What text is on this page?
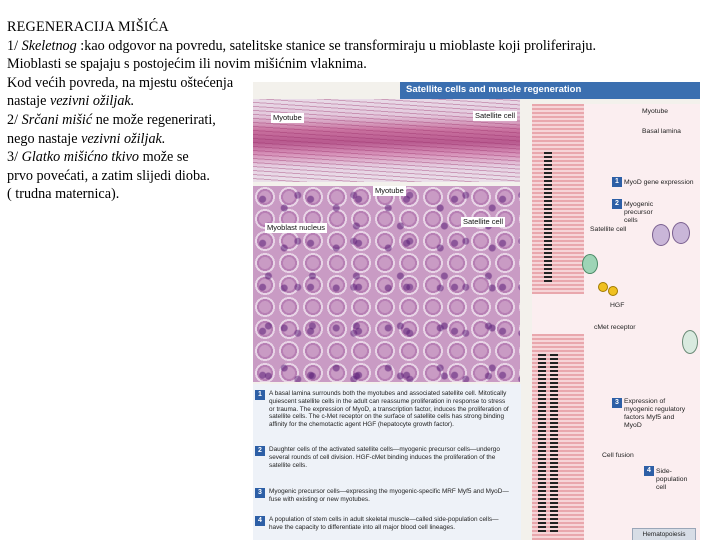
REGENERACIJA MIŠIĆA

1/ Skeletnog :kao odgovor na povredu, satelitske stanice se transformiraju u mioblaste koji proliferiraju.

Mioblasti se spajaju s postojećim ili novim mišićnim vlaknima.

Kod većih povreda, na mjestu oštećenja

nastaje vezivni ožiljak.

2/ Srčani mišić ne može regenerirati,

nego nastaje vezivni ožiljak.

3/ Glatko mišićno tkivo može se

prvo povećati, a zatim slijedi dioba.

( trudna maternica).

Satellite cells and muscle regeneration
Myotube	Satellite cell
Myotube
Myoblast nucleus
Satellite cell
1 A basal lamina surrounds both the myotubes and associated satellite cell. Mitotically quiescent satellite cells in the adult can reassume proliferation in response to stress or trauma. The expression of MyoD, a transcription factor, induces the proliferation of satellite cells. The c-Met receptor on the surface of satellite cells has strong binding affinity for the chemotactic agent HGF (hepatocyte growth factor).
2 Daughter cells of the activated satellite cells—myogenic precursor cells—undergo several rounds of cell division. HGF-cMet binding induces the proliferation of the satellite cells.
3 Myogenic precursor cells—expressing the myogenic-specific MRF Myf5 and MyoD—fuse with existing or new myotubes.
4 A population of stem cells in adult skeletal muscle—called side-population cells—have the capacity to differentiate into all major blood cell lineages.
Myotube
Basal lamina
1 MyoD gene expression
2 Myogenic precursor cells
Satellite cell
HGF
cMet receptor
3 Expression of myogenic regulatory factors Myf5 and MyoD
Cell fusion
4 Side-population cell
Hematopoiesis
